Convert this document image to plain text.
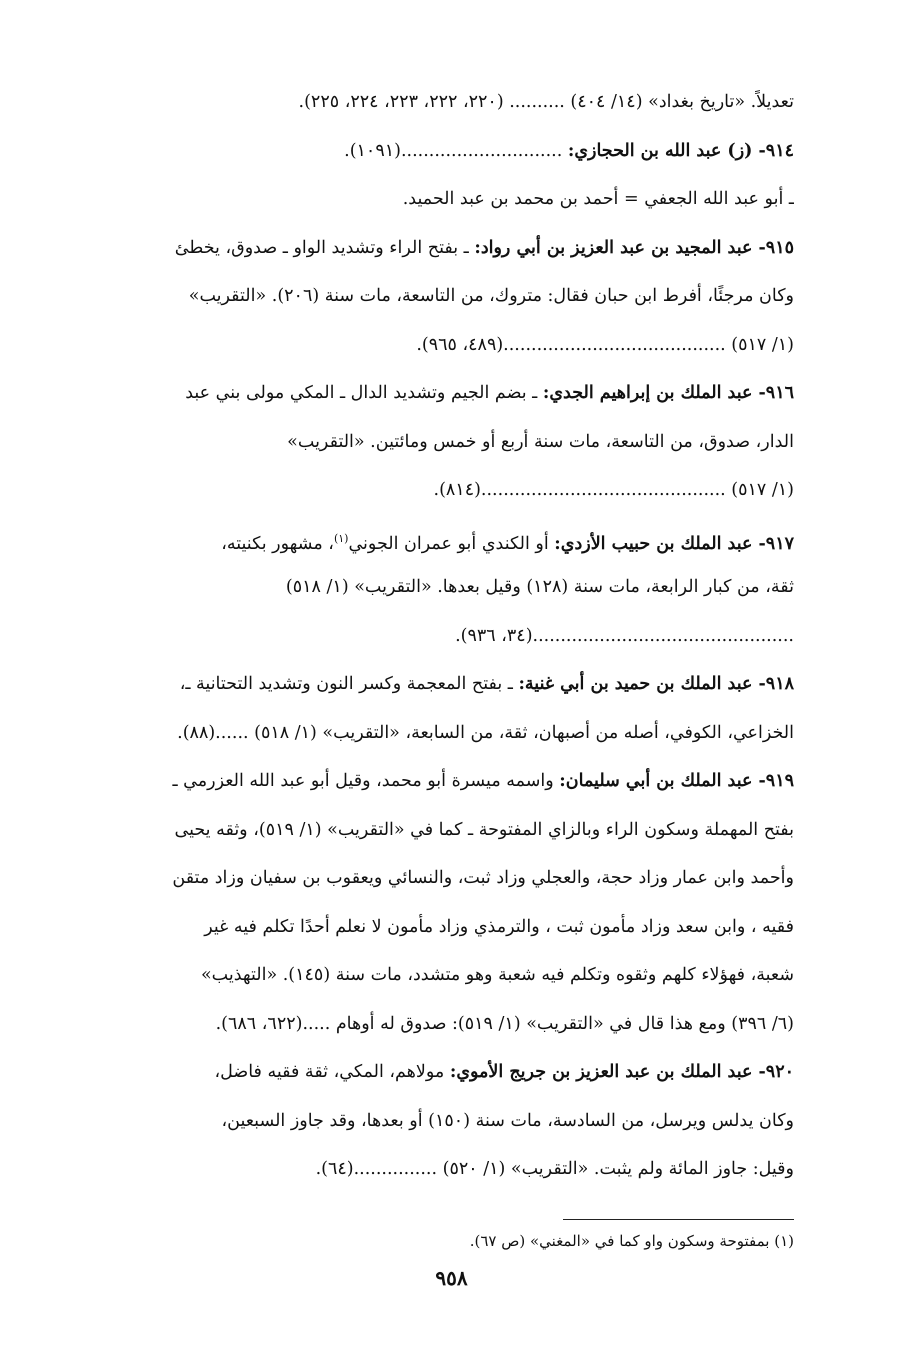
تعديلاً. «تاريخ بغداد» (١٤/ ٤٠٤) .......... (٢٢٠، ٢٢٢، ٢٢٣، ٢٢٤، ٢٢٥).
٩١٤- (ز) عبد الله بن الحجازي: .............................(١٠٩١).
ـ أبو عبد الله الجعفي = أحمد بن محمد بن عبد الحميد.
٩١٥- عبد المجيد بن عبد العزيز بن أبي رواد: ـ بفتح الراء وتشديد الواو ـ صدوق، يخطئ
وكان مرجئًا، أفرط ابن حبان فقال: متروك، من التاسعة، مات سنة (٢٠٦). «التقريب»
(١/ ٥١٧) ........................................(٤٨٩، ٩٦٥).
٩١٦- عبد الملك بن إبراهيم الجدي: ـ بضم الجيم وتشديد الدال ـ المكي مولى بني عبد
الدار، صدوق، من التاسعة، مات سنة أربع أو خمس ومائتين. «التقريب»
(١/ ٥١٧) ............................................(٨١٤).
٩١٧- عبد الملك بن حبيب الأزدي: أو الكندي أبو عمران الجوني$^{(١)}$، مشهور بكنيته،
ثقة، من كبار الرابعة، مات سنة (١٢٨) وقيل بعدها. «التقريب» (١/ ٥١٨)
...............................................(٣٤، ٩٣٦).
٩١٨- عبد الملك بن حميد بن أبي غنية: ـ بفتح المعجمة وكسر النون وتشديد التحتانية ـ،
الخزاعي، الكوفي، أصله من أصبهان، ثقة، من السابعة، «التقريب» (١/ ٥١٨) ......(٨٨).
٩١٩- عبد الملك بن أبي سليمان: واسمه ميسرة أبو محمد، وقيل أبو عبد الله العزرمي ـ
بفتح المهملة وسكون الراء وبالزاي المفتوحة ـ كما في «التقريب» (١/ ٥١٩)، وثقه يحيى
وأحمد وابن عمار وزاد حجة، والعجلي وزاد ثبت، والنسائي ويعقوب بن سفيان وزاد متقن
فقيه ، وابن سعد وزاد مأمون ثبت ، والترمذي وزاد مأمون لا نعلم أحدًا تكلم فيه غير
شعبة، فهؤلاء كلهم وثقوه وتكلم فيه شعبة وهو متشدد، مات سنة (١٤٥). «التهذيب»
(٦/ ٣٩٦) ومع هذا قال في «التقريب» (١/ ٥١٩): صدوق له أوهام .....(٦٢٢، ٦٨٦).
٩٢٠- عبد الملك بن عبد العزيز بن جريج الأموي: مولاهم، المكي، ثقة فقيه فاضل،
وكان يدلس ويرسل، من السادسة، مات سنة (١٥٠) أو بعدها، وقد جاوز السبعين،
وقيل: جاوز المائة ولم يثبت. «التقريب» (١/ ٥٢٠) ...............(٦٤).
(١) بمفتوحة وسكون واو كما في «المغني» (ص ٦٧).
٩٥٨
